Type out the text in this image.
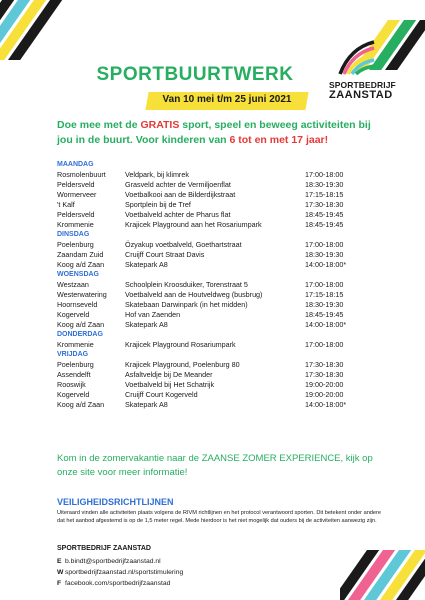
SPORTBUURTWERK
Van 10 mei t/m 25 juni 2021
SPORTBEDRIJF
ZAANSTAD
Doe mee met de GRATIS sport, speel en beweeg activiteiten bij jou in de buurt. Voor kinderen van 6 tot en met 17 jaar!
MAANDAG
Rosmolenbuurt	Veldpark, bij klimrek	17:00-18:00
Peldersveld	Grasveld achter de Vermiljoenflat	18:30-19:30
Wormerveer	Voetbalkooi aan de Bilderdijkstraat	17:15-18:15
't Kalf	Sportplein bij de Tref	17:30-18:30
Peldersveld	Voetbalveld achter de Pharus flat	18:45-19:45
Krommenie	Krajicek Playground aan het Rosariumpark	18:45-19:45
DINSDAG
Poelenburg	Özyakup voetbalveld, Goethartstraat	17:00-18:00
Zaandam Zuid	Cruijff Court Straat Davis	18:30-19:30
Koog a/d Zaan	Skatepark A8	14:00-18:00*
WOENSDAG
Westzaan	Schoolplein Kroosduiker, Torenstraat 5	17:00-18:00
Westerwatering	Voetbalveld aan de Houtveldweg (busbrug)	17:15-18:15
Hoornseveld	Skatebaan Darwinpark (in het midden)	18:30-19:30
Kogerveld	Hof van Zaenden	18:45-19:45
Koog a/d Zaan	Skatepark A8	14:00-18:00*
DONDERDAG
Krommenie	Krajicek Playground Rosariumpark	17:00-18:00
VRIJDAG
Poelenburg	Krajicek Playground, Poelenburg 80	17:30-18:30
Assendelft	Asfaltveldje bij De Meander	17:30-18:30
Rooswijk	Voetbalveld bij Het Schatrijk	19:00-20:00
Kogerveld	Cruijff Court Kogerveld	19:00-20:00
Koog a/d Zaan	Skatepark A8	14:00-18:00*
Kom in de zomervakantie naar de ZAANSE ZOMER EXPERIENCE, kijk op onze site voor meer informatie!
VEILIGHEIDSRICHTLIJNEN
Uiteraard vinden alle activiteiten plaats volgens de RIVM richtlijnen en het protocol verantwoord sporten. Dit betekent onder andere dat het aanbod afgestemd is op de 1,5 meter regel. Mede hierdoor is het niet mogelijk dat ouders bij de activiteiten aanwezig zijn.
SPORTBEDRIJF ZAANSTAD
E b.bindt@sportbedrijfzaanstad.nl
W sportbedrijfzaanstad.nl/sportstimulering
F facebook.com/sportbedrijfzaanstad
